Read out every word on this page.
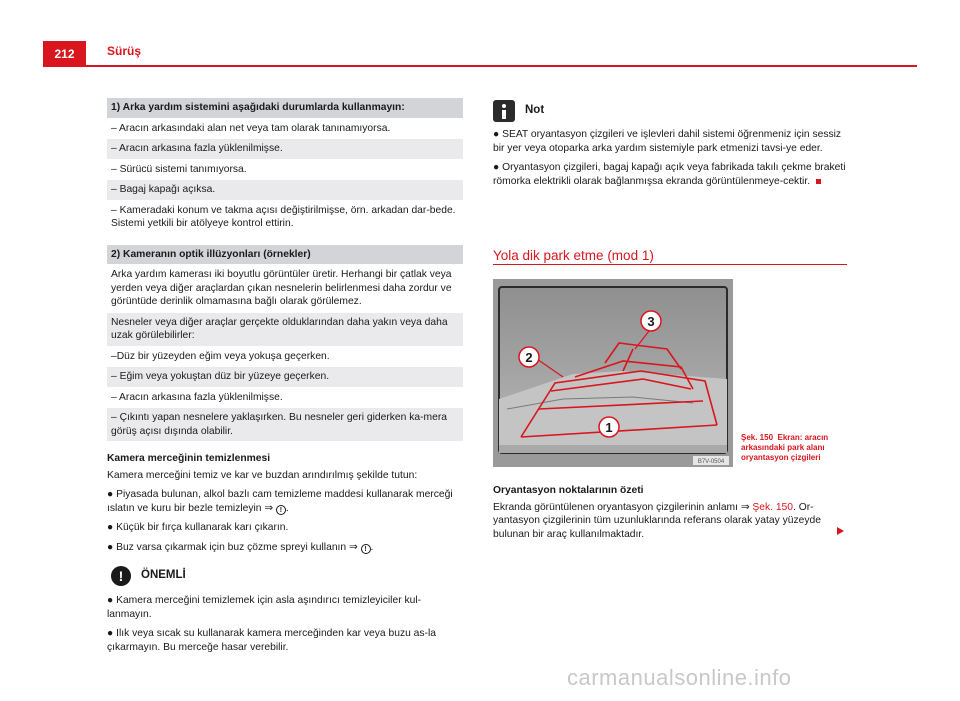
212	Sürüş
1) Arka yardım sistemini aşağıdaki durumlarda kullanmayın:
– Aracın arkasındaki alan net veya tam olarak tanınamıyorsa.
– Aracın arkasına fazla yüklenilmişse.
– Sürücü sistemi tanımıyorsa.
– Bagaj kapağı açıksa.
– Kameradaki konum ve takma açısı değiştirilmişse, örn. arkadan dar-bede. Sistemi yetkili bir atölyeye kontrol ettirin.
2) Kameranın optik illüzyonları (örnekler)
Arka yardım kamerası iki boyutlu görüntüler üretir. Herhangi bir çatlak veya yerden veya diğer araçlardan çıkan nesnelerin belirlenmesi daha zordur ve görüntüde derinlik olmamasına bağlı olarak görülemez.
Nesneler veya diğer araçlar gerçekte olduklarından daha yakın veya daha uzak görülebilirler:
–Düz bir yüzeyden eğim veya yokuşa geçerken.
– Eğim veya yokuştan düz bir yüzeye geçerken.
– Aracın arkasına fazla yüklenilmişse.
– Çıkıntı yapan nesnelere yaklaşırken. Bu nesneler geri giderken ka-mera görüş açısı dışında olabilir.
Kamera merceğinin temizlenmesi

Kamera merceğini temiz ve kar ve buzdan arındırılmış şekilde tutun:

● Piyasada bulunan, alkol bazlı cam temizleme maddesi kullanarak merceği ıslatın ve kuru bir bezle temizleyin ⇒ ! .
● Küçük bir fırça kullanarak karı çıkarın.
● Buz varsa çıkarmak için buz çözme spreyi kullanın ⇒ ! .
!	ÖNEMLİ
● Kamera merceğini temizlemek için asla aşındırıcı temizleyiciler kul-lanmayın.
● Ilık veya sıcak su kullanarak kamera merceğinden kar veya buzu as-la çıkarmayın. Bu merceğe hasar verebilir.
Not
● SEAT oryantasyon çizgileri ve işlevleri dahil sistemi öğrenmeniz için sessiz bir yer veya otoparka arka yardım sistemiyle park etmenizi tavsi-ye eder.
● Oryantasyon çizgileri, bagaj kapağı açık veya fabrikada takılı çekme braketi römorka elektrikli olarak bağlanmışsa ekranda görüntülenmeye-cektir.
Yola dik park etme (mod 1)
3
2
1
B7V-0504
Şek. 150 Ekran: aracın arkasındaki park alanı oryantasyon çizgileri
Oryantasyon noktalarının özeti

Ekranda görüntülenen oryantasyon çizgilerinin anlamı ⇒ Şek. 150. Or-yantasyon çizgilerinin tüm uzunluklarında referans olarak yatay yüzeyde bulunan bir araç kullanılmaktadır.

carmanualsonline.info
